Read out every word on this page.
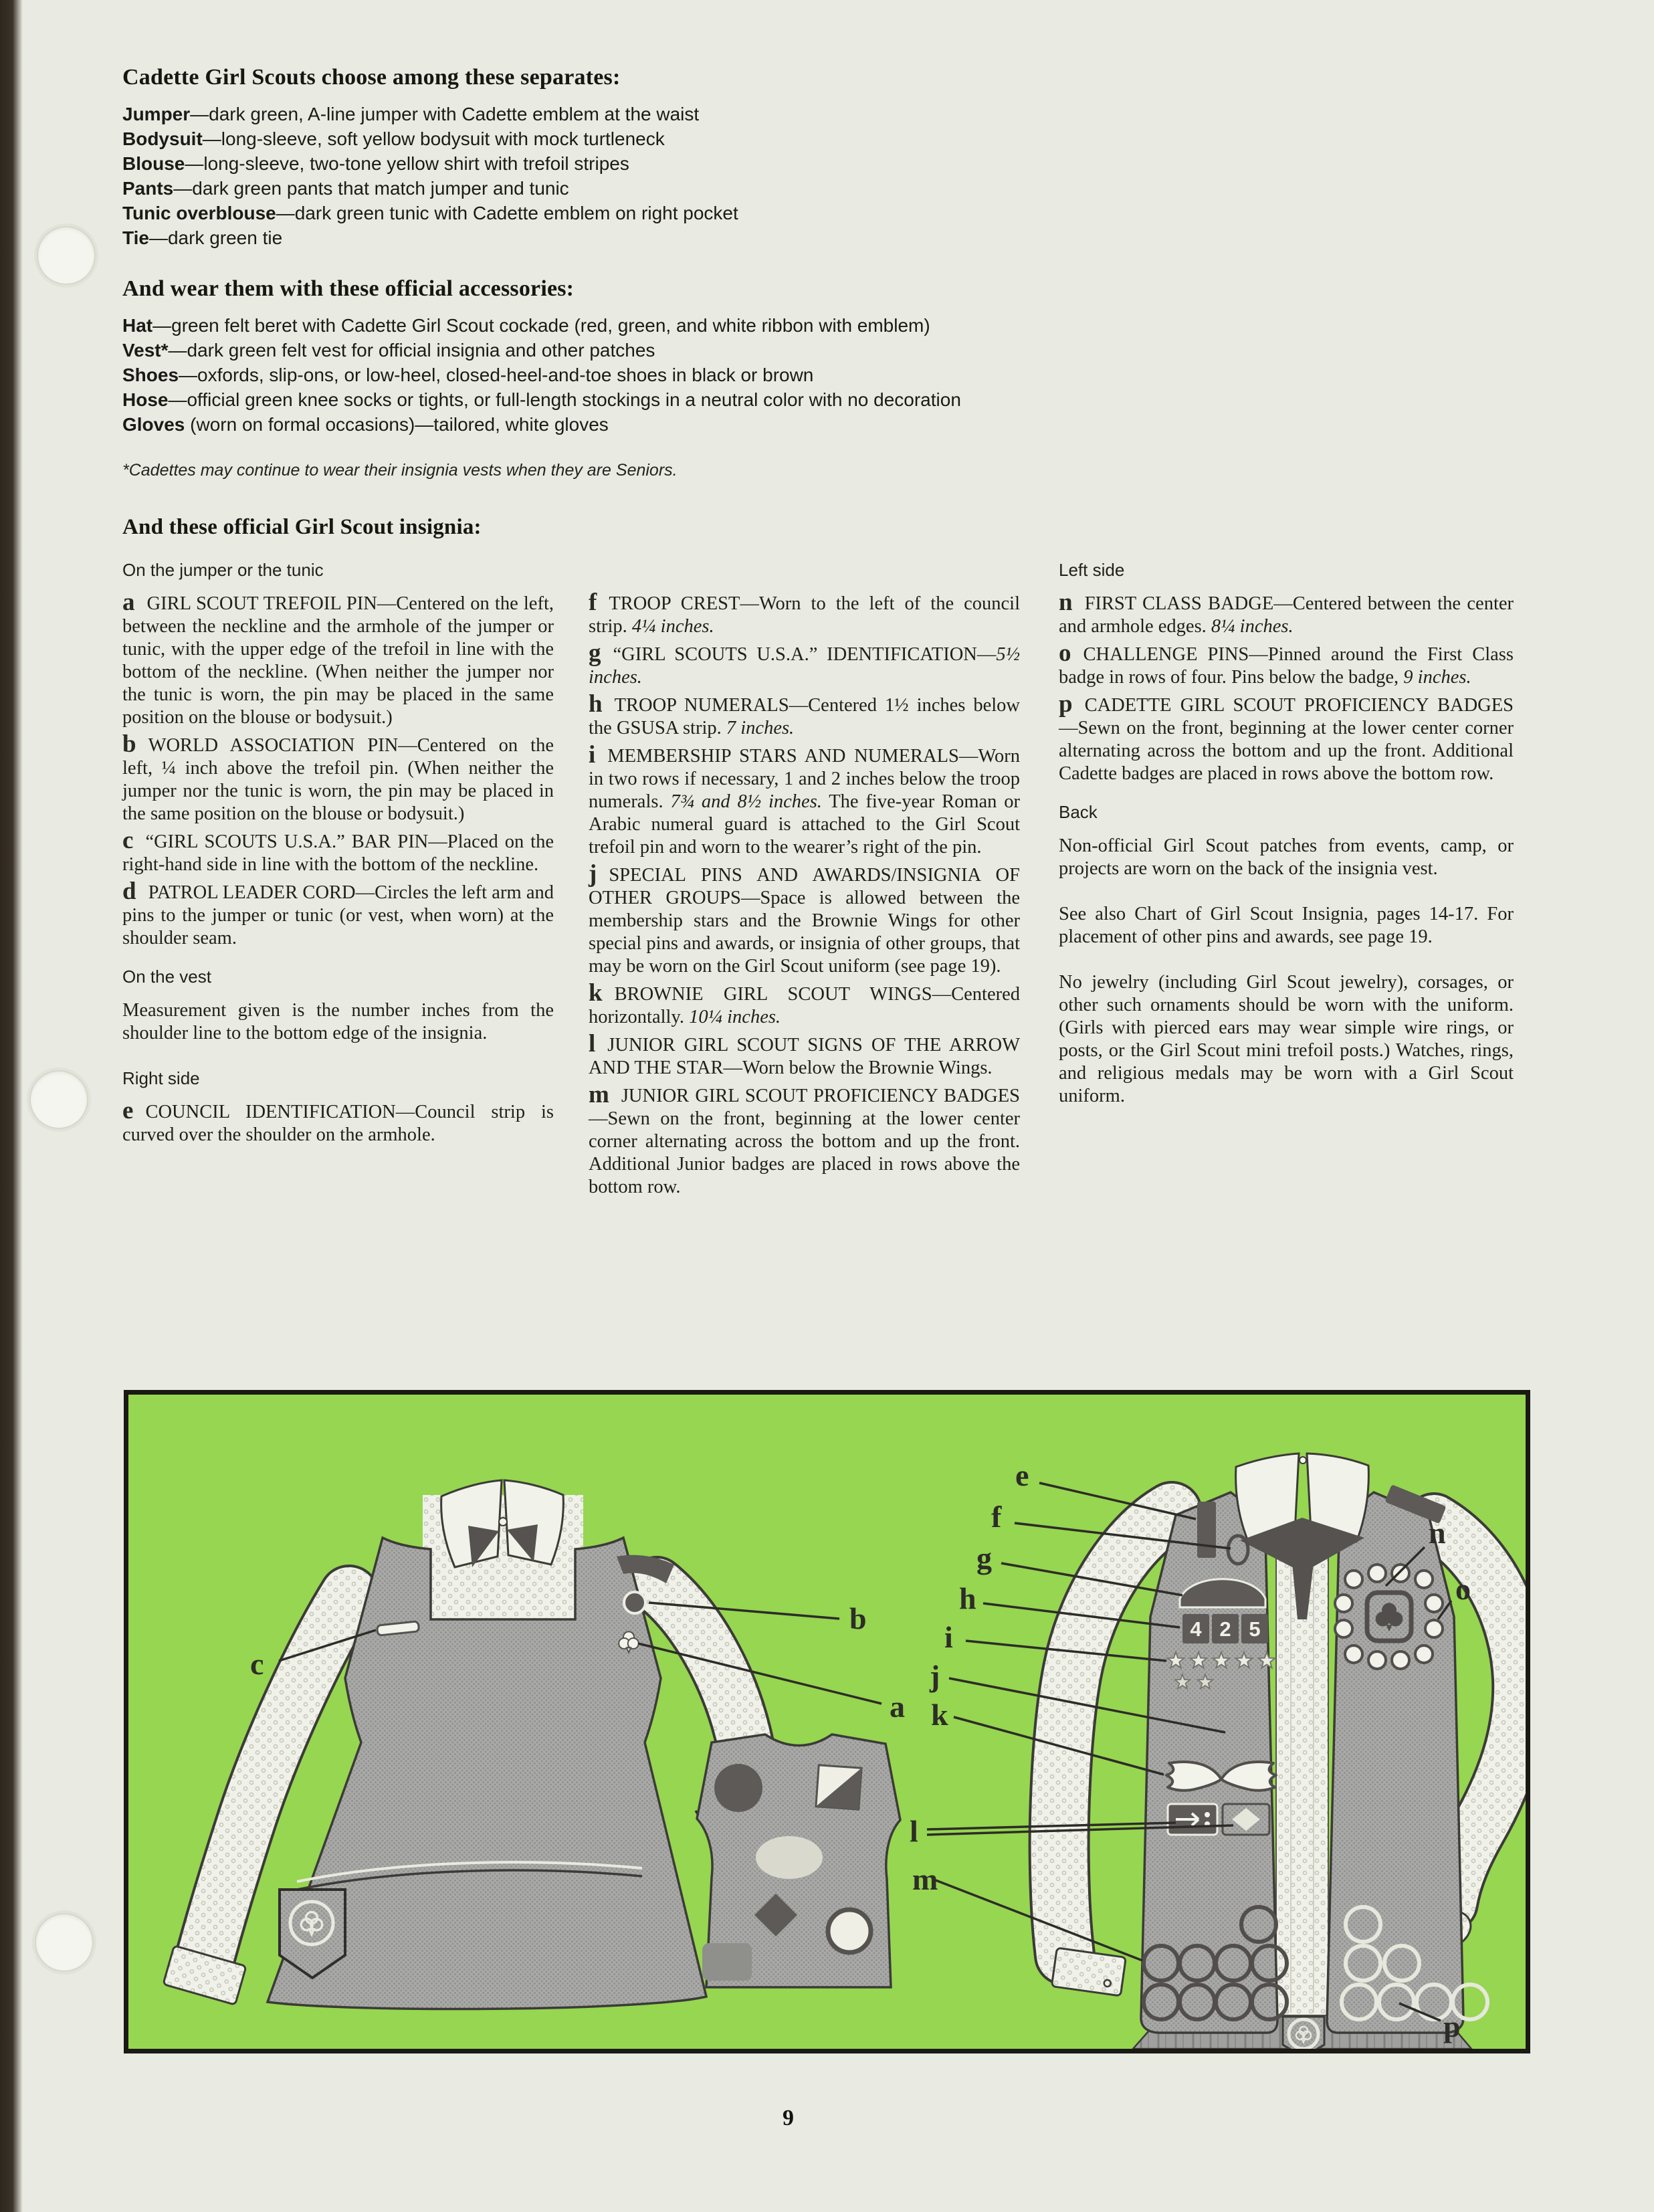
Cadette Girl Scouts choose among these separates:
Jumper—dark green, A-line jumper with Cadette emblem at the waist
Bodysuit—long-sleeve, soft yellow bodysuit with mock turtleneck
Blouse—long-sleeve, two-tone yellow shirt with trefoil stripes
Pants—dark green pants that match jumper and tunic
Tunic overblouse—dark green tunic with Cadette emblem on right pocket
Tie—dark green tie
And wear them with these official accessories:
Hat—green felt beret with Cadette Girl Scout cockade (red, green, and white ribbon with emblem)
Vest*—dark green felt vest for official insignia and other patches
Shoes—oxfords, slip-ons, or low-heel, closed-heel-and-toe shoes in black or brown
Hose—official green knee socks or tights, or full-length stockings in a neutral color with no decoration
Gloves (worn on formal occasions)—tailored, white gloves
*Cadettes may continue to wear their insignia vests when they are Seniors.
And these official Girl Scout insignia:
On the jumper or the tunic

a GIRL SCOUT TREFOIL PIN—Centered on the left, between the neckline and the armhole of the jumper or tunic, with the upper edge of the trefoil in line with the bottom of the neckline. (When neither the jumper nor the tunic is worn, the pin may be placed in the same position on the blouse or bodysuit.)

b WORLD ASSOCIATION PIN—Centered on the left, ¼ inch above the trefoil pin. (When neither the jumper nor the tunic is worn, the pin may be placed in the same position on the blouse or bodysuit.)

c “GIRL SCOUTS U.S.A.” BAR PIN—Placed on the right-hand side in line with the bottom of the neckline.

d PATROL LEADER CORD—Circles the left arm and pins to the jumper or tunic (or vest, when worn) at the shoulder seam.

On the vest

Measurement given is the number inches from the shoulder line to the bottom edge of the insignia.

Right side

e COUNCIL IDENTIFICATION—Council strip is curved over the shoulder on the armhole.

f TROOP CREST—Worn to the left of the council strip. 4¼ inches.

g “GIRL SCOUTS U.S.A.” IDENTIFICATION—5½ inches.

h TROOP NUMERALS—Centered 1½ inches below the GSUSA strip. 7 inches.

i MEMBERSHIP STARS AND NUMERALS—Worn in two rows if necessary, 1 and 2 inches below the troop numerals. 7¾ and 8½ inches. The five-year Roman or Arabic numeral guard is attached to the Girl Scout trefoil pin and worn to the wearer’s right of the pin.

j SPECIAL PINS AND AWARDS/INSIGNIA OF OTHER GROUPS—Space is allowed between the membership stars and the Brownie Wings for other special pins and awards, or insignia of other groups, that may be worn on the Girl Scout uniform (see page 19).

k BROWNIE GIRL SCOUT WINGS—Centered horizontally. 10¼ inches.

l JUNIOR GIRL SCOUT SIGNS OF THE ARROW AND THE STAR—Worn below the Brownie Wings.

m JUNIOR GIRL SCOUT PROFICIENCY BADGES—Sewn on the front, beginning at the lower center corner alternating across the bottom and up the front. Additional Junior badges are placed in rows above the bottom row.

Left side

n FIRST CLASS BADGE—Centered between the center and armhole edges. 8¼ inches.

o CHALLENGE PINS—Pinned around the First Class badge in rows of four. Pins below the badge, 9 inches.

p CADETTE GIRL SCOUT PROFICIENCY BADGES—Sewn on the front, beginning at the lower center corner alternating across the bottom and up the front. Additional Cadette badges are placed in rows above the bottom row.

Back

Non-official Girl Scout patches from events, camp, or projects are worn on the back of the insignia vest.

See also Chart of Girl Scout Insignia, pages 14-17. For placement of other pins and awards, see page 19.

No jewelry (including Girl Scout jewelry), corsages, or other such ornaments should be worn with the uniform. (Girls with pierced ears may wear simple wire rings, or posts, or the Girl Scout mini trefoil posts.) Watches, rings, and religious medals may be worn with a Girl Scout uniform.

c
b
a
4 2 5
e
f
g
h
i
j
k
l
m
n
o
p
9
